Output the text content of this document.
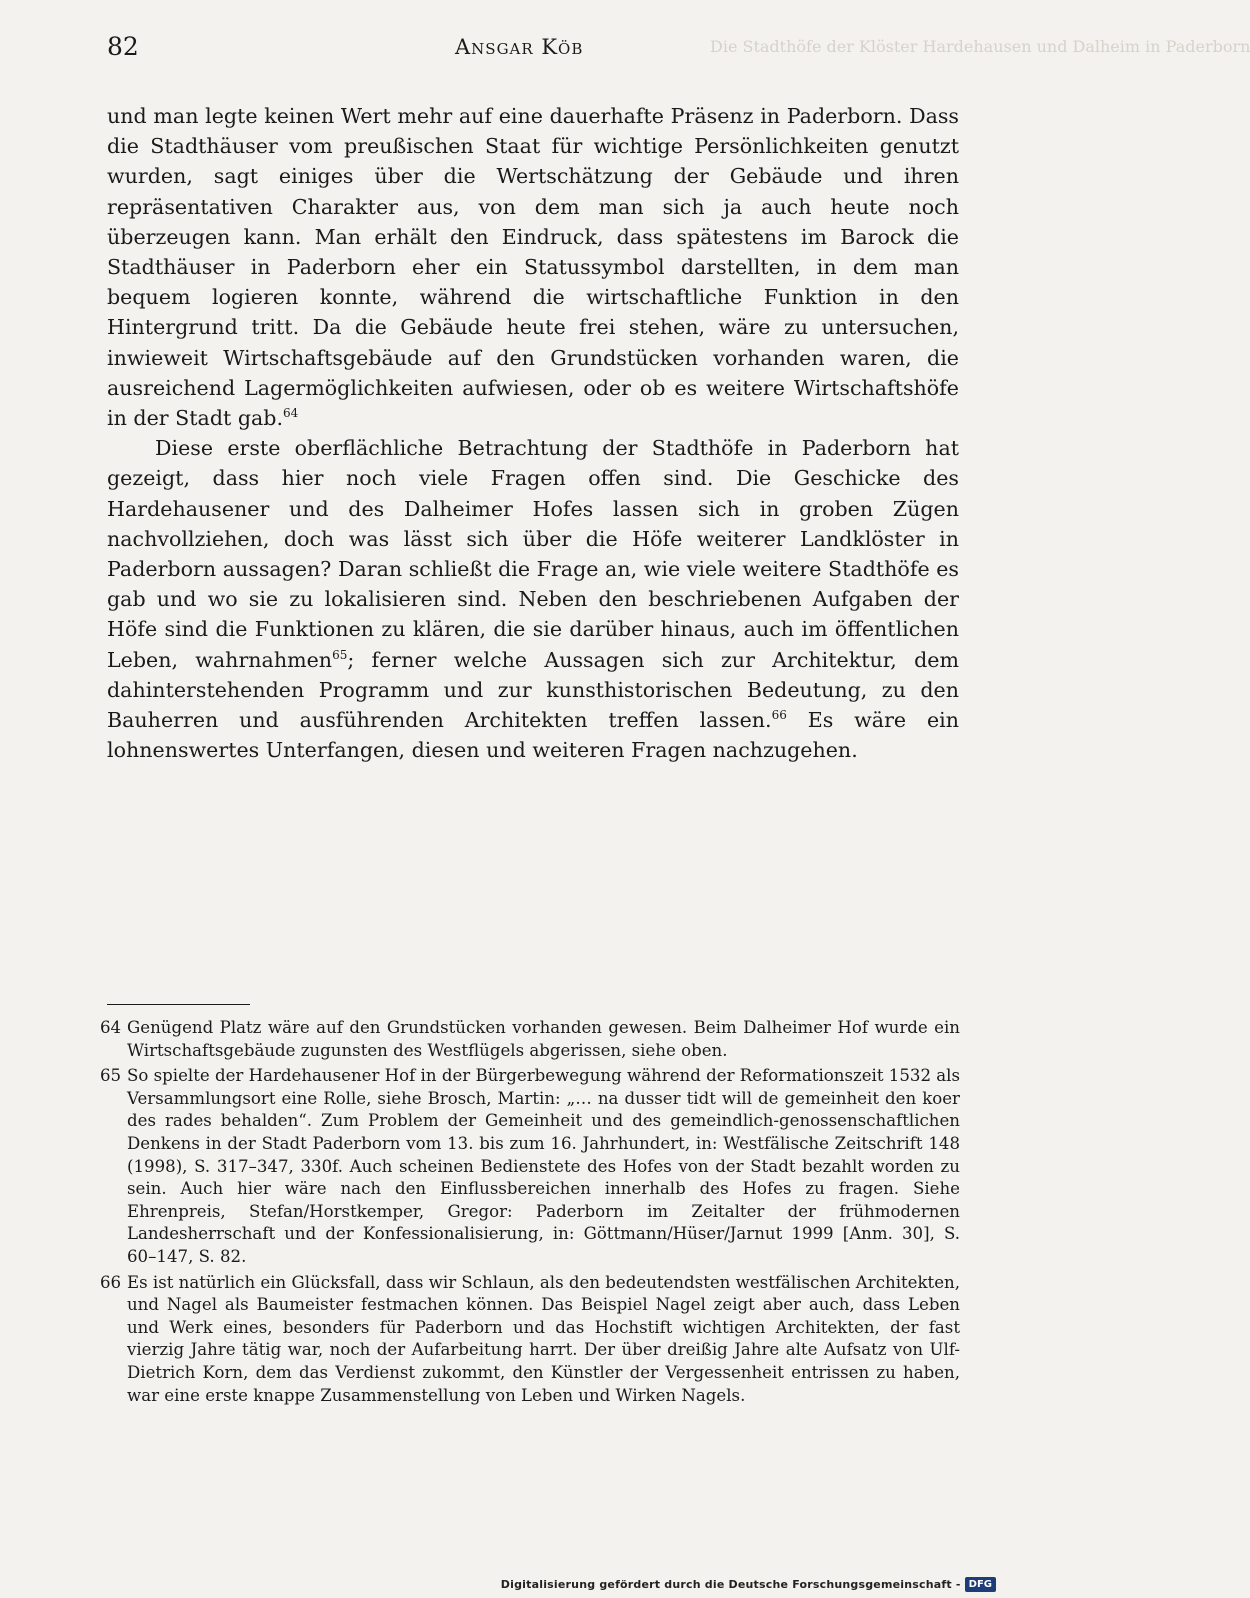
82	Ansgar Köb	Die Stadthöfe der Klöster Hardehausen und Dalheim in Paderborn

und man legte keinen Wert mehr auf eine dauerhafte Präsenz in Paderborn. Dass die Stadthäuser vom preußischen Staat für wichtige Persönlichkeiten genutzt wurden, sagt einiges über die Wertschätzung der Gebäude und ihren repräsentativen Charakter aus, von dem man sich ja auch heute noch überzeugen kann. Man erhält den Eindruck, dass spätestens im Barock die Stadthäuser in Paderborn eher ein Statussymbol darstellten, in dem man bequem logieren konnte, während die wirtschaftliche Funktion in den Hintergrund tritt. Da die Gebäude heute frei stehen, wäre zu untersuchen, inwieweit Wirtschaftsgebäude auf den Grundstücken vorhanden waren, die ausreichend Lagermöglichkeiten aufwiesen, oder ob es weitere Wirtschaftshöfe in der Stadt gab.$^{64}$

Diese erste oberflächliche Betrachtung der Stadthöfe in Paderborn hat gezeigt, dass hier noch viele Fragen offen sind. Die Geschicke des Hardehausener und des Dalheimer Hofes lassen sich in groben Zügen nachvollziehen, doch was lässt sich über die Höfe weiterer Landklöster in Paderborn aussagen? Daran schließt die Frage an, wie viele weitere Stadthöfe es gab und wo sie zu lokalisieren sind. Neben den beschriebenen Aufgaben der Höfe sind die Funktionen zu klären, die sie darüber hinaus, auch im öffentlichen Leben, wahrnahmen$^{65}$; ferner welche Aussagen sich zur Architektur, dem dahinterstehenden Programm und zur kunsthistorischen Bedeutung, zu den Bauherren und ausführenden Architekten treffen lassen.$^{66}$ Es wäre ein lohnenswertes Unterfangen, diesen und weiteren Fragen nachzugehen.

64 Genügend Platz wäre auf den Grundstücken vorhanden gewesen. Beim Dalheimer Hof wurde ein Wirtschaftsgebäude zugunsten des Westflügels abgerissen, siehe oben.
65 So spielte der Hardehausener Hof in der Bürgerbewegung während der Reformationszeit 1532 als Versammlungsort eine Rolle, siehe Brosch, Martin: „… na dusser tidt will de gemeinheit den koer des rades behalden“. Zum Problem der Gemeinheit und des gemeindlich-genossenschaftlichen Denkens in der Stadt Paderborn vom 13. bis zum 16. Jahrhundert, in: Westfälische Zeitschrift 148 (1998), S. 317–347, 330f. Auch scheinen Bedienstete des Hofes von der Stadt bezahlt worden zu sein. Auch hier wäre nach den Einflussbereichen innerhalb des Hofes zu fragen. Siehe Ehrenpreis, Stefan/Horstkemper, Gregor: Paderborn im Zeitalter der frühmodernen Landesherrschaft und der Konfessionalisierung, in: Göttmann/Hüser/Jarnut 1999 [Anm. 30], S. 60–147, S. 82.
66 Es ist natürlich ein Glücksfall, dass wir Schlaun, als den bedeutendsten westfälischen Architekten, und Nagel als Baumeister festmachen können. Das Beispiel Nagel zeigt aber auch, dass Leben und Werk eines, besonders für Paderborn und das Hochstift wichtigen Architekten, der fast vierzig Jahre tätig war, noch der Aufarbeitung harrt. Der über dreißig Jahre alte Aufsatz von Ulf-Dietrich Korn, dem das Verdienst zukommt, den Künstler der Vergessenheit entrissen zu haben, war eine erste knappe Zusammenstellung von Leben und Wirken Nagels.
Digitalisierung gefördert durch die Deutsche Forschungsgemeinschaft - DFG
